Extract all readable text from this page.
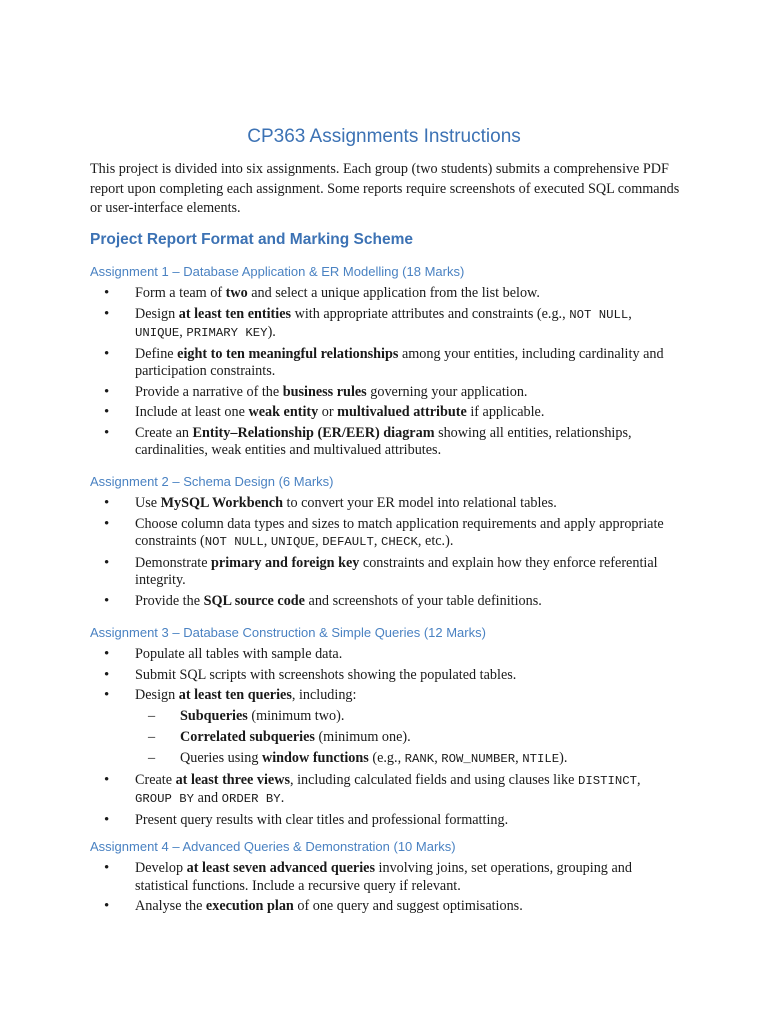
CP363 Assignments Instructions
This project is divided into six assignments. Each group (two students) submits a comprehensive PDF report upon completing each assignment. Some reports require screenshots of executed SQL commands or user-interface elements.
Project Report Format and Marking Scheme
Assignment 1 – Database Application & ER Modelling (18 Marks)
• Form a team of two and select a unique application from the list below.
• Design at least ten entities with appropriate attributes and constraints (e.g., NOT NULL, UNIQUE, PRIMARY KEY).
• Define eight to ten meaningful relationships among your entities, including cardinality and participation constraints.
• Provide a narrative of the business rules governing your application.
• Include at least one weak entity or multivalued attribute if applicable.
• Create an Entity–Relationship (ER/EER) diagram showing all entities, relationships, cardinalities, weak entities and multivalued attributes.
Assignment 2 – Schema Design (6 Marks)
• Use MySQL Workbench to convert your ER model into relational tables.
• Choose column data types and sizes to match application requirements and apply appropriate constraints (NOT NULL, UNIQUE, DEFAULT, CHECK, etc.).
• Demonstrate primary and foreign key constraints and explain how they enforce referential integrity.
• Provide the SQL source code and screenshots of your table definitions.
Assignment 3 – Database Construction & Simple Queries (12 Marks)
• Populate all tables with sample data.
• Submit SQL scripts with screenshots showing the populated tables.
• Design at least ten queries, including:
– Subqueries (minimum two).
– Correlated subqueries (minimum one).
– Queries using window functions (e.g., RANK, ROW_NUMBER, NTILE).
• Create at least three views, including calculated fields and using clauses like DISTINCT, GROUP BY and ORDER BY.
• Present query results with clear titles and professional formatting.
Assignment 4 – Advanced Queries & Demonstration (10 Marks)
• Develop at least seven advanced queries involving joins, set operations, grouping and statistical functions. Include a recursive query if relevant.
• Analyse the execution plan of one query and suggest optimisations.
